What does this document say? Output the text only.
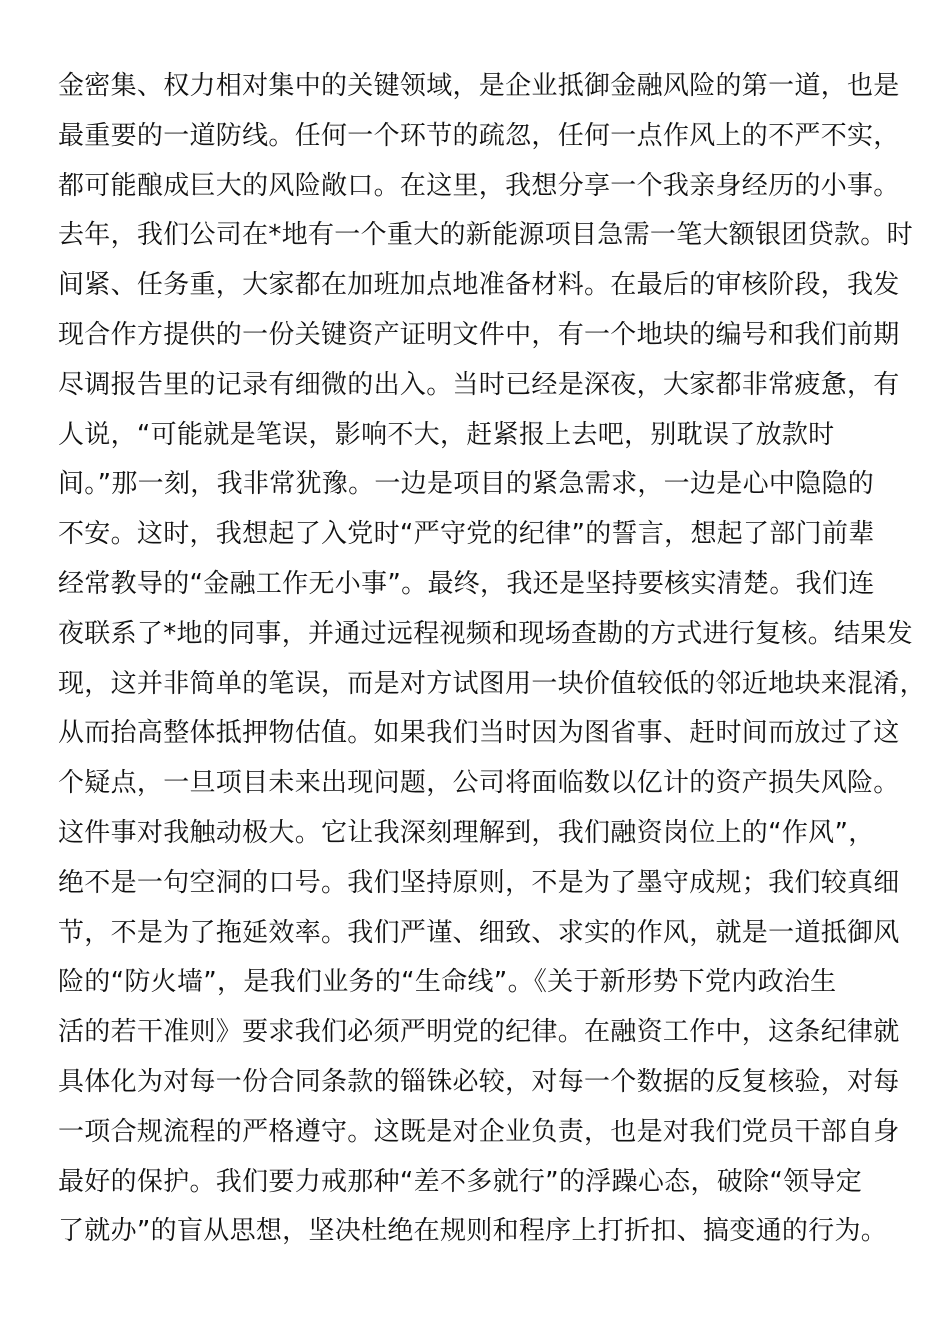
金密集、权力相对集中的关键领域，是企业抵御金融风险的第一道，也是
最重要的一道防线。任何一个环节的疏忽，任何一点作风上的不严不实，
都可能酿成巨大的风险敞口。在这里，我想分享一个我亲身经历的小事。
去年，我们公司在*地有一个重大的新能源项目急需一笔大额银团贷款。时
间紧、任务重，大家都在加班加点地准备材料。在最后的审核阶段，我发
现合作方提供的一份关键资产证明文件中，有一个地块的编号和我们前期
尽调报告里的记录有细微的出入。当时已经是深夜，大家都非常疲惫，有
人说，“可能就是笔误，影响不大，赶紧报上去吧，别耽误了放款时
间。”那一刻，我非常犹豫。一边是项目的紧急需求，一边是心中隐隐的
不安。这时，我想起了入党时“严守党的纪律”的誓言，想起了部门前辈
经常教导的“金融工作无小事”。最终，我还是坚持要核实清楚。我们连
夜联系了*地的同事，并通过远程视频和现场查勘的方式进行复核。结果发
现，这并非简单的笔误，而是对方试图用一块价值较低的邻近地块来混淆，
从而抬高整体抵押物估值。如果我们当时因为图省事、赶时间而放过了这
个疑点，一旦项目未来出现问题，公司将面临数以亿计的资产损失风险。
这件事对我触动极大。它让我深刻理解到，我们融资岗位上的“作风”，
绝不是一句空洞的口号。我们坚持原则，不是为了墨守成规；我们较真细
节，不是为了拖延效率。我们严谨、细致、求实的作风，就是一道抵御风
险的“防火墙”，是我们业务的“生命线”。《关于新形势下党内政治生
活的若干准则》要求我们必须严明党的纪律。在融资工作中，这条纪律就
具体化为对每一份合同条款的锱铢必较，对每一个数据的反复核验，对每
一项合规流程的严格遵守。这既是对企业负责，也是对我们党员干部自身
最好的保护。我们要力戒那种“差不多就行”的浮躁心态，破除“领导定
了就办”的盲从思想，坚决杜绝在规则和程序上打折扣、搞变通的行为。
